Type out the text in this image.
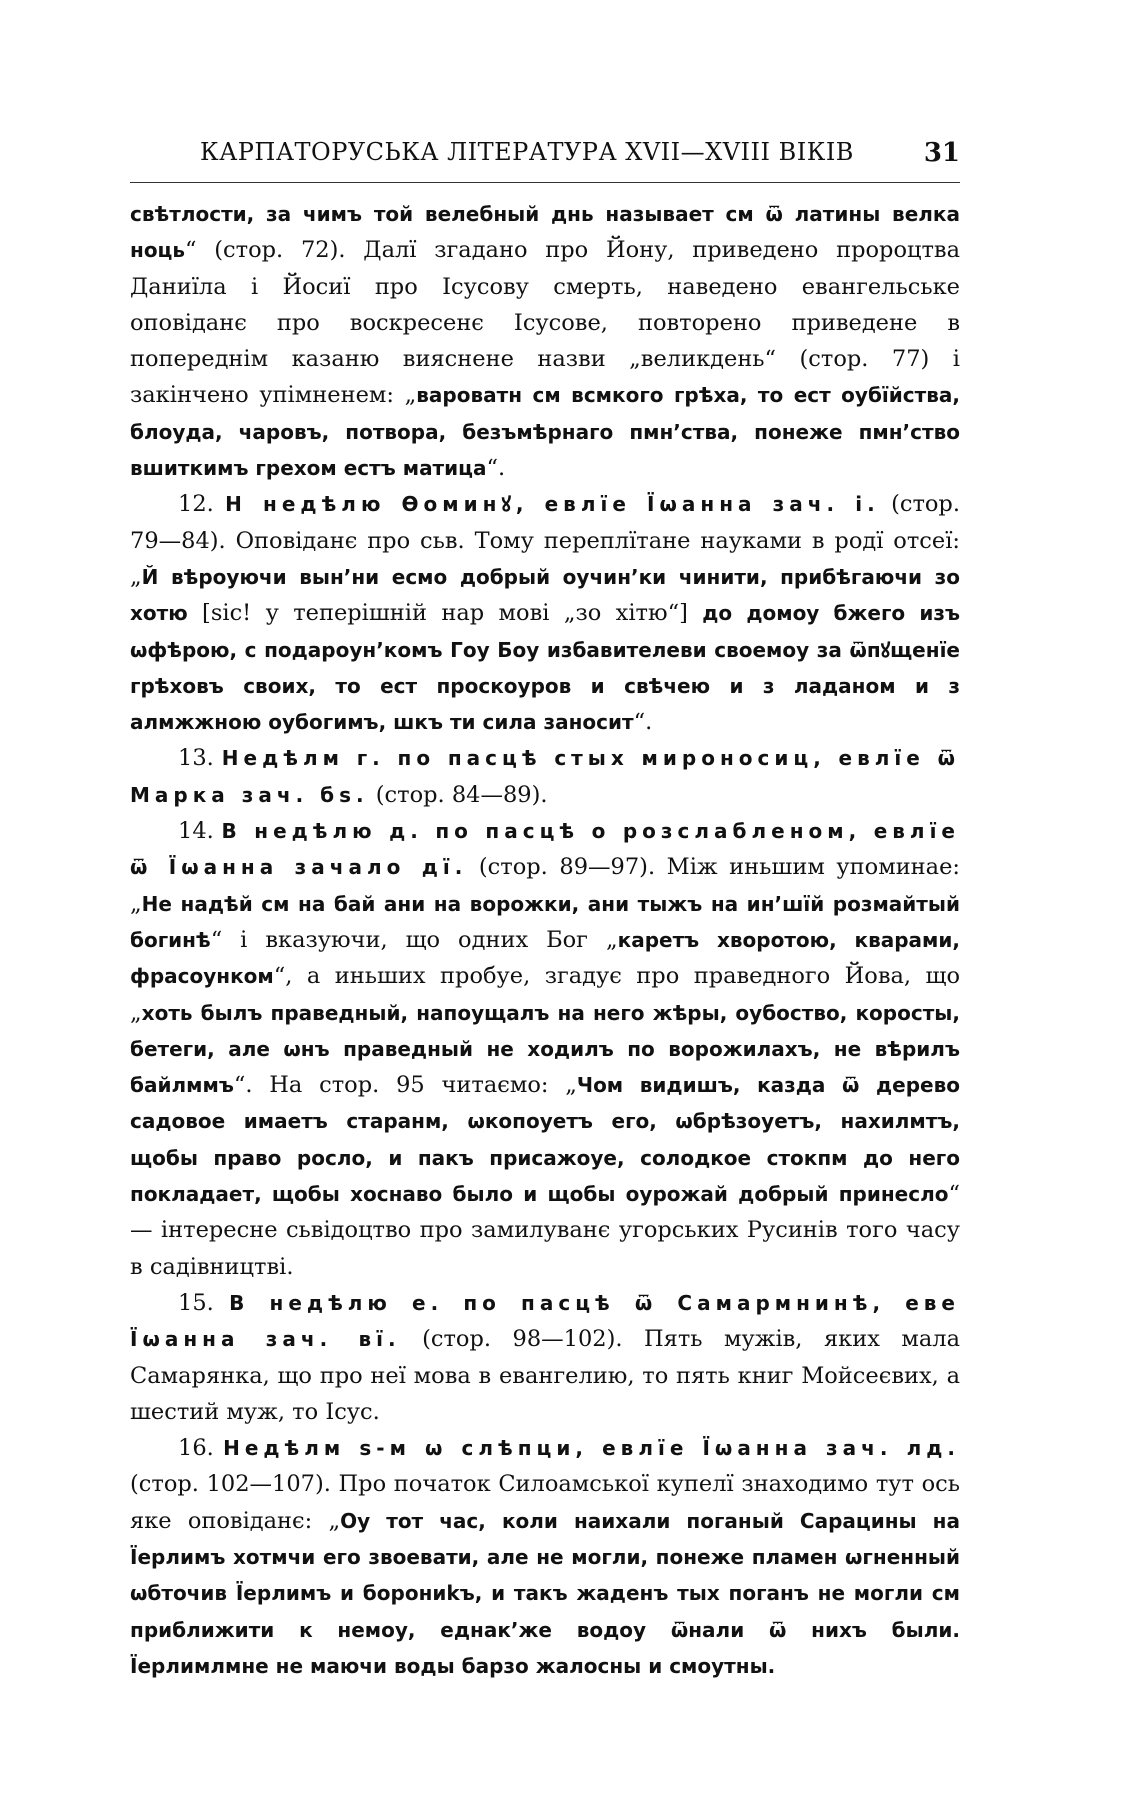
КАРПАТОРУСЬКА ЛІТЕРАТУРА XVII—XVIII ВІКІВ	31

свѣтлости, за чимъ той велебный днь называет см ѿ латины велка ноць“ (стор. 72). Далї згадано про Йону, приведено пророцтва Даниїла і Йосиї про Ісусову смерть, наведено евангельське оповіданє про воскресенє Ісусове, повторено приведене в попереднім казаню вияснене назви „великдень“ (стор. 77) і закінчено упімненем: „вароватн см всмкого грѣха, то ест оубїйства, блоуда, чаровъ, потвора, безъмѣрнаго пмн’ства, понеже пмн’ство вшиткимъ грехом естъ матица“.

12. Н недѣлю Өоминꙋ, евлїе Їѡанна зач. і. (стор. 79—84). Оповіданє про сьв. Тому переплїтане науками в родї отсеї: „Й вѣроуючи вын’ни есмо добрый оучин’ки чинити, прибѣгаючи зо хотю [sic! у теперішній нар мові „зо хітю“] до домоу бжего изъ ѡфѣрою, с подароун’комъ Гоу Боу избавителеви своемоу за ѿпꙋщенїе грѣховъ своих, то ест проскоуров и свѣчею и з ладаном и з алмжжною оубогимъ, шкъ ти сила заносит“.

13. Недѣлм г. по пасцѣ стых мироносиц, евлїе ѿ Марка зач. бѕ. (стор. 84—89).

14. В недѣлю д. по пасцѣ о розслабленом, евлїе ѿ Їѡанна зачало дї. (стор. 89—97). Між иньшим упоминаe: „Не надѣй см на бай ани на ворожки, ани тыжъ на ин’шїй розмайтый богинѣ“ і вказуючи, що одних Бог „каретъ хворотою, кварами, фрасоунком“, а иньших пробуe, згадує про праведного Йова, що „хоть былъ праведный, напоущалъ на него жѣры, оубоство, коросты, бетеги, але ѡнъ праведный не ходилъ по ворожилахъ, не вѣрилъ байлммъ“. На стор. 95 читаємо: „Чом видишъ, казда ѿ дерево садовое имаетъ старанм, ѡкопоуетъ его, ѡбрѣзоуетъ, нахилмтъ, щобы право росло, и пакъ присажоуе, солодкое стокпм до него покладает, щобы хоснаво было и щобы оурожай добрый принесло“ — інтересне сьвідоцтво про замилуванє угорських Русинів того часу в садівництві.

15. В недѣлю е. по пасцѣ ѿ Самармнинѣ, еве Їѡанна зач. вї. (стор. 98—102). Пять мужів, яких мала Самарянка, що про неї мова в евангелию, то пять книг Мойсеєвих, а шестий муж, то Ісус.

16. Недѣлм ѕ-м ѡ слѣпци, евлїе Їѡанна зач. лд. (стор. 102—107). Про початок Силоамської купелї знаходимо тут ось яке оповіданє: „Оу тот час, коли наихали поганый Сарацины на Їерлимъ хотмчи его звоевати, але не могли, понеже пламен ѡгненный ѡбточив Їерлимъ и борониkъ, и такъ жаденъ тых поганъ не могли см приближити к немоу, еднак’же водоу ѿнали ѿ нихъ были. Їерлимлмне не маючи воды барзо жалосны и смоутны.
